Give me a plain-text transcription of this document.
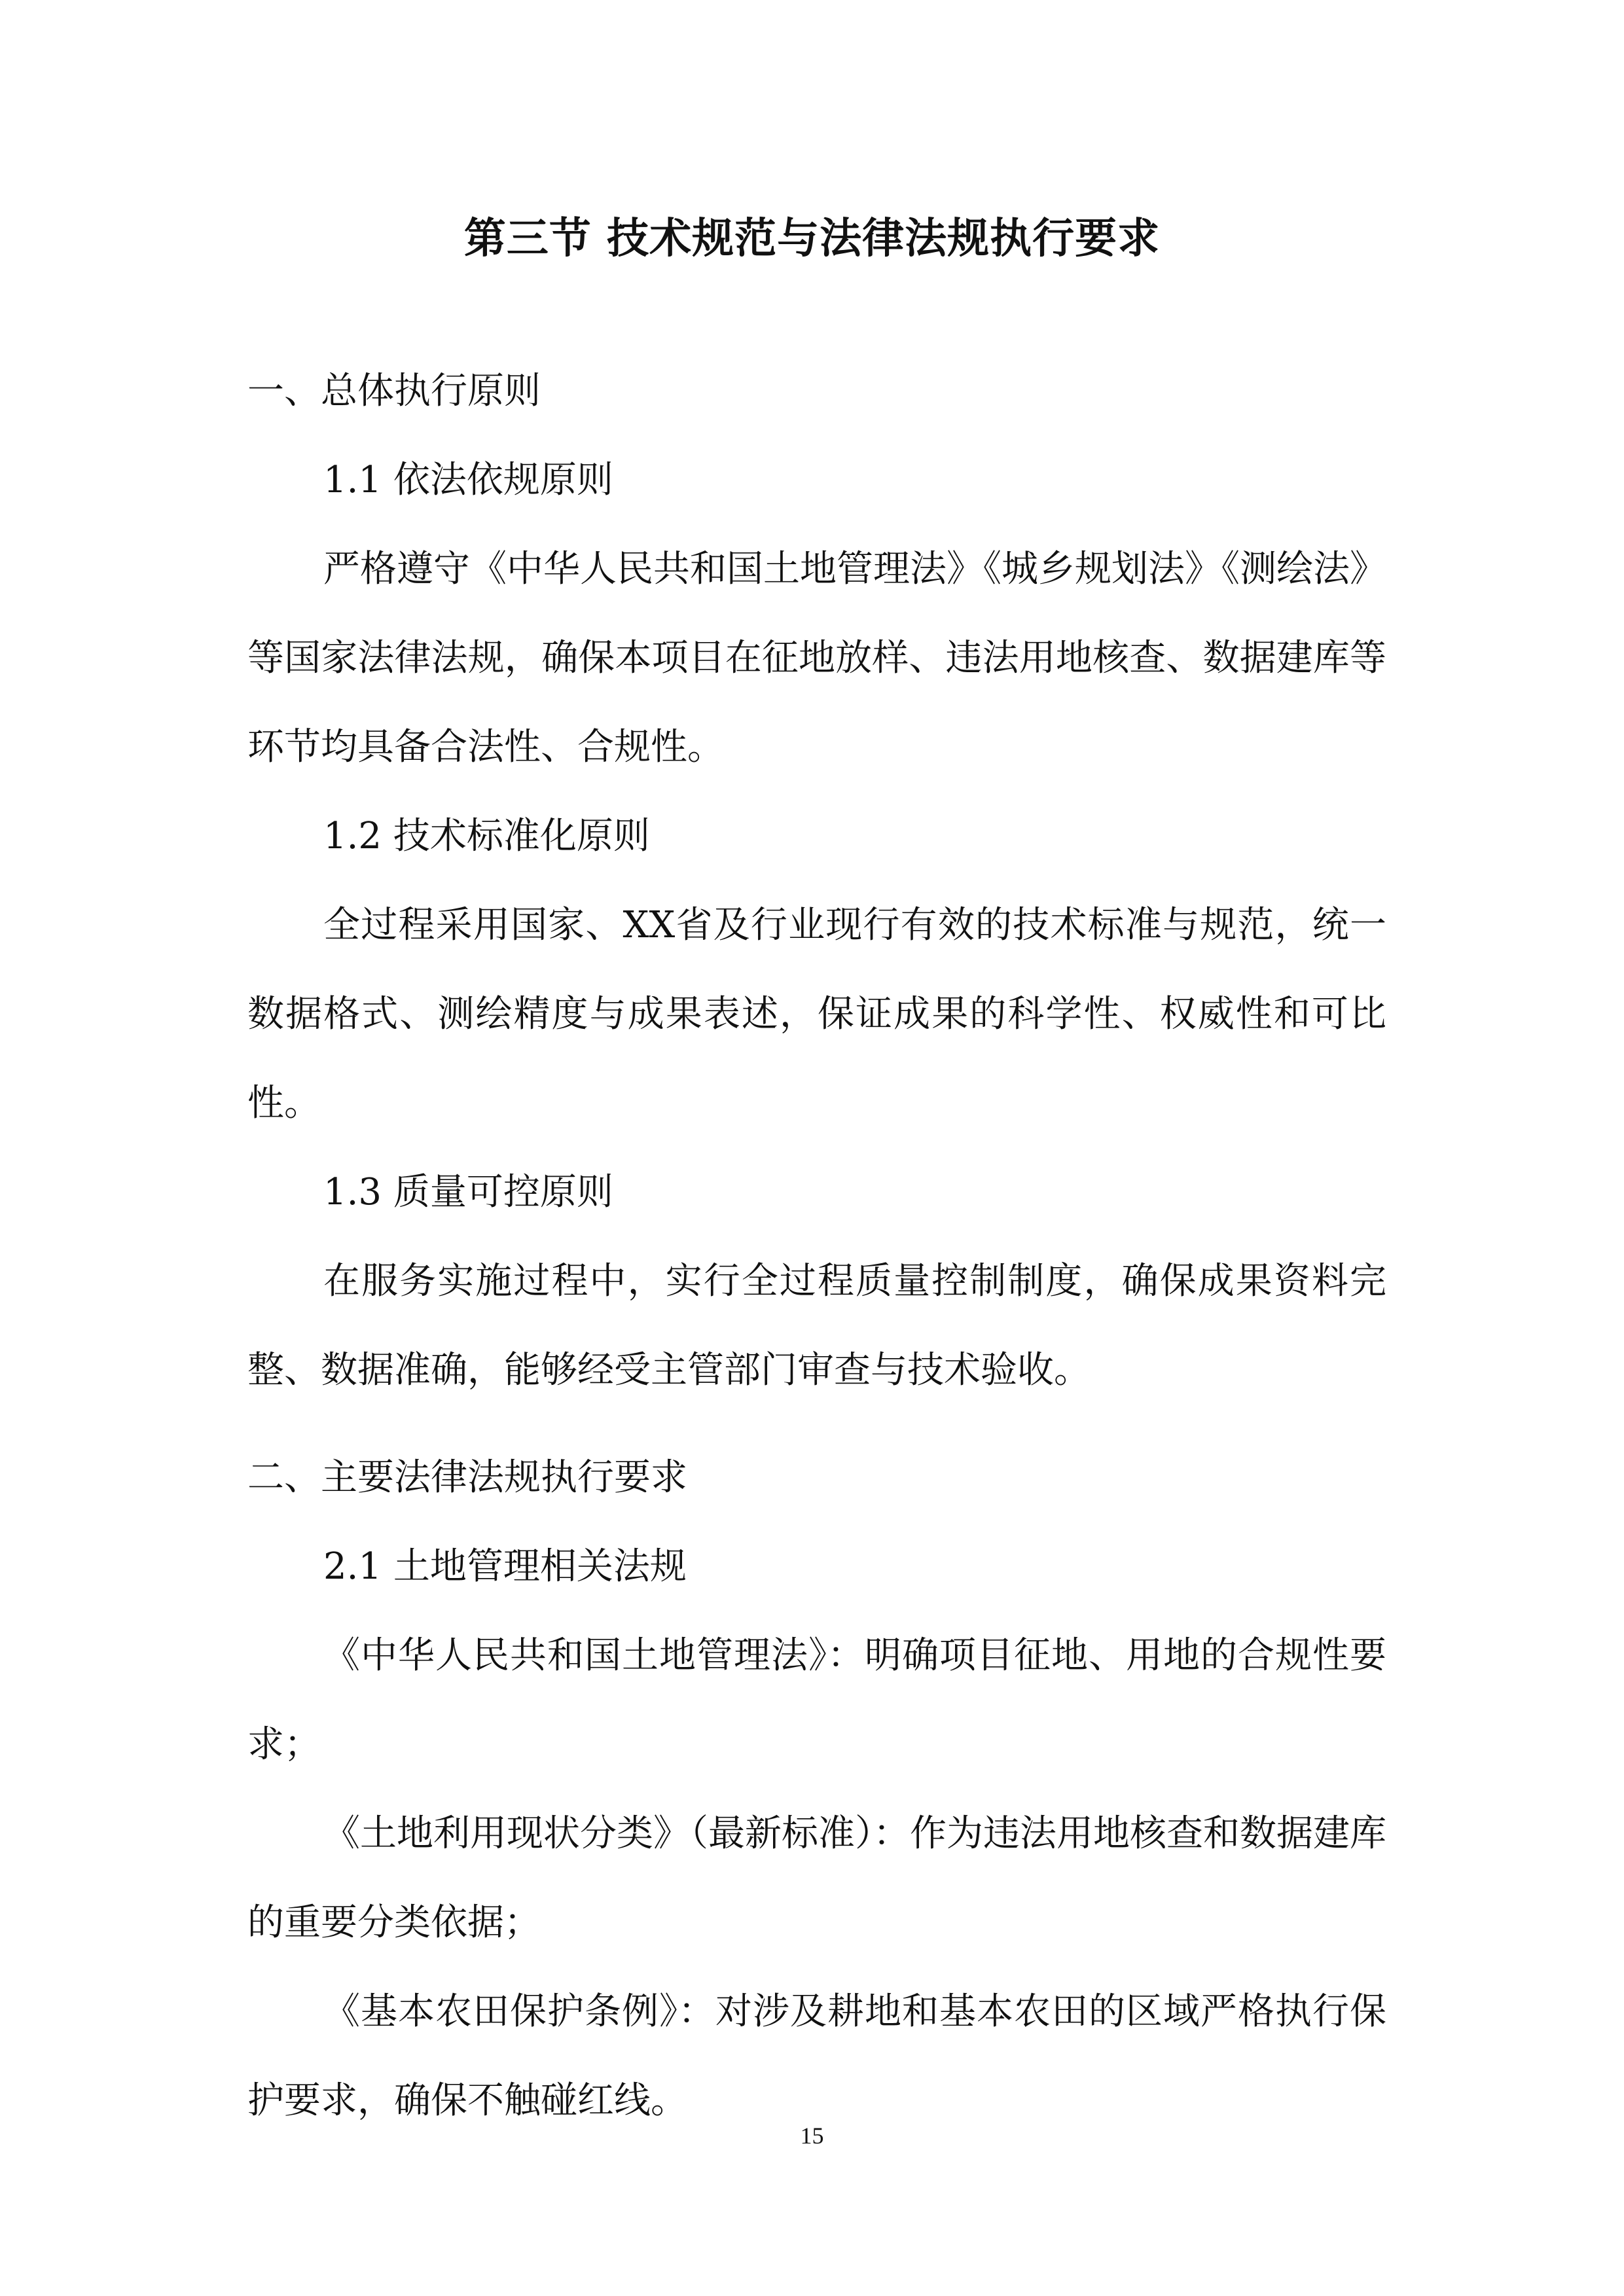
第三节 技术规范与法律法规执行要求

一、总体执行原则

1.1 依法依规原则

严格遵守《中华人民共和国土地管理法》《城乡规划法》《测绘法》等国家法律法规，确保本项目在征地放样、违法用地核查、数据建库等环节均具备合法性、合规性。

1.2 技术标准化原则

全过程采用国家、XX省及行业现行有效的技术标准与规范，统一数据格式、测绘精度与成果表述，保证成果的科学性、权威性和可比性。

1.3 质量可控原则

在服务实施过程中，实行全过程质量控制制度，确保成果资料完整、数据准确，能够经受主管部门审查与技术验收。

二、主要法律法规执行要求

2.1 土地管理相关法规

《中华人民共和国土地管理法》：明确项目征地、用地的合规性要求；

《土地利用现状分类》（最新标准）：作为违法用地核查和数据建库的重要分类依据；

《基本农田保护条例》：对涉及耕地和基本农田的区域严格执行保护要求，确保不触碰红线。

15
